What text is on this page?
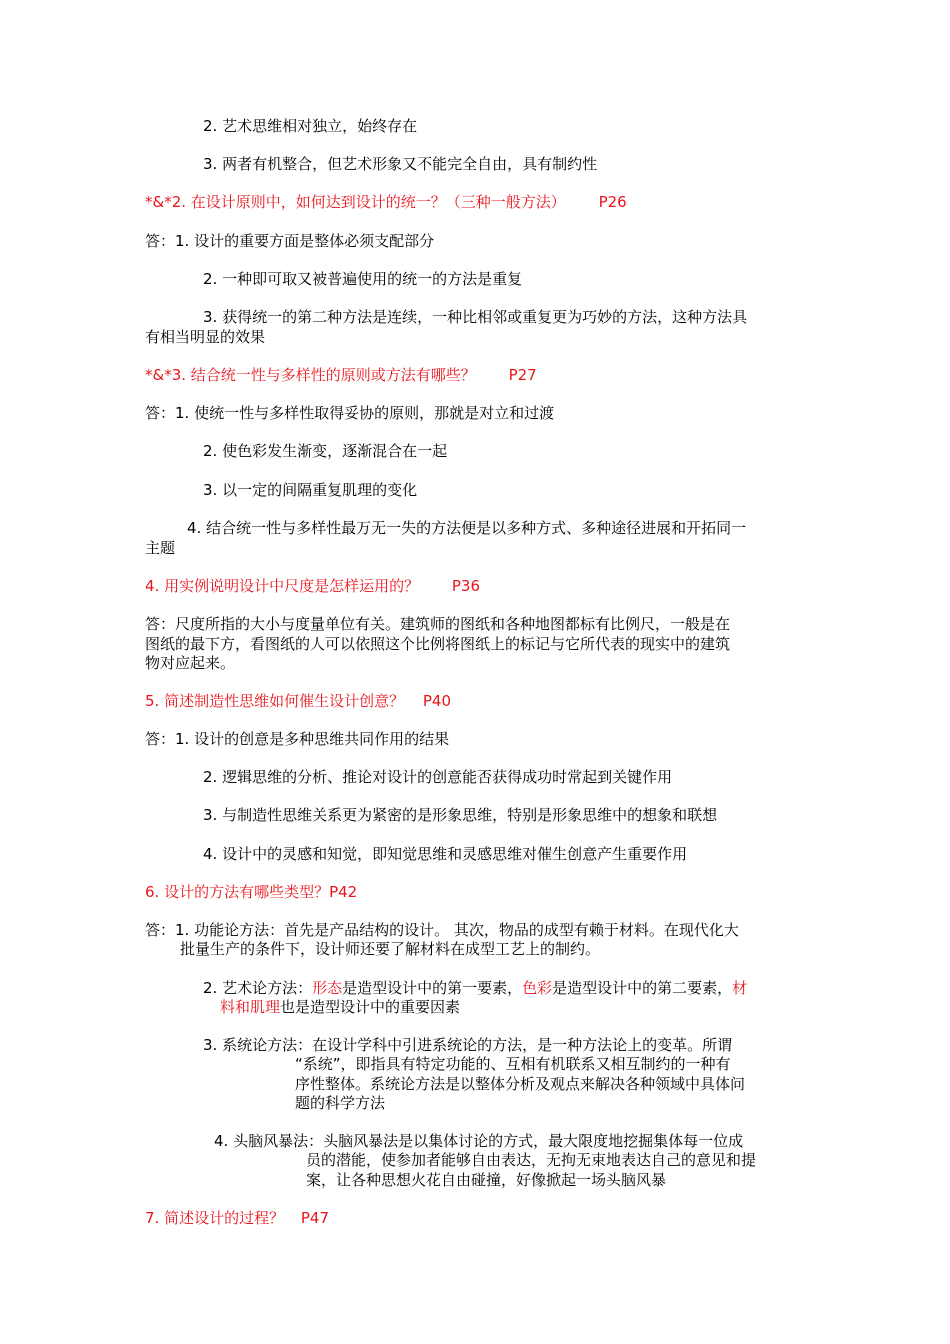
2. 艺术思维相对独立，始终存在

3. 两者有机整合，但艺术形象又不能完全自由，具有制约性

*&*2. 在设计原则中，如何达到设计的统一？（三种一般方法） P26

答：1. 设计的重要方面是整体必须支配部分

2. 一种即可取又被普遍使用的统一的方法是重复

3. 获得统一的第二种方法是连续，一种比相邻或重复更为巧妙的方法，这种方法具

有相当明显的效果

*&*3. 结合统一性与多样性的原则或方法有哪些？ P27

答：1. 使统一性与多样性取得妥协的原则，那就是对立和过渡

2. 使色彩发生渐变，逐渐混合在一起

3. 以一定的间隔重复肌理的变化

4. 结合统一性与多样性最万无一失的方法便是以多种方式、多种途径进展和开拓同一

主题

4. 用实例说明设计中尺度是怎样运用的？ P36

答：尺度所指的大小与度量单位有关。建筑师的图纸和各种地图都标有比例尺，一般是在

图纸的最下方，看图纸的人可以依照这个比例将图纸上的标记与它所代表的现实中的建筑

物对应起来。

5. 简述制造性思维如何催生设计创意？ P40

答：1. 设计的创意是多种思维共同作用的结果

2. 逻辑思维的分析、推论对设计的创意能否获得成功时常起到关键作用

3. 与制造性思维关系更为紧密的是形象思维，特别是形象思维中的想象和联想

4. 设计中的灵感和知觉，即知觉思维和灵感思维对催生创意产生重要作用

6. 设计的方法有哪些类型？P42

答：1. 功能论方法：首先是产品结构的设计。 其次，物品的成型有赖于材料。在现代化大

批量生产的条件下，设计师还要了解材料在成型工艺上的制约。

2. 艺术论方法：形态是造型设计中的第一要素，色彩是造型设计中的第二要素，材

料和肌理也是造型设计中的重要因素

3. 系统论方法：在设计学科中引进系统论的方法，是一种方法论上的变革。所谓

“系统”，即指具有特定功能的、互相有机联系又相互制约的一种有

序性整体。系统论方法是以整体分析及观点来解决各种领域中具体问

题的科学方法

4. 头脑风暴法：头脑风暴法是以集体讨论的方式，最大限度地挖掘集体每一位成

员的潜能，使参加者能够自由表达，无拘无束地表达自己的意见和提

案，让各种思想火花自由碰撞，好像掀起一场头脑风暴

7. 简述设计的过程？ P47
